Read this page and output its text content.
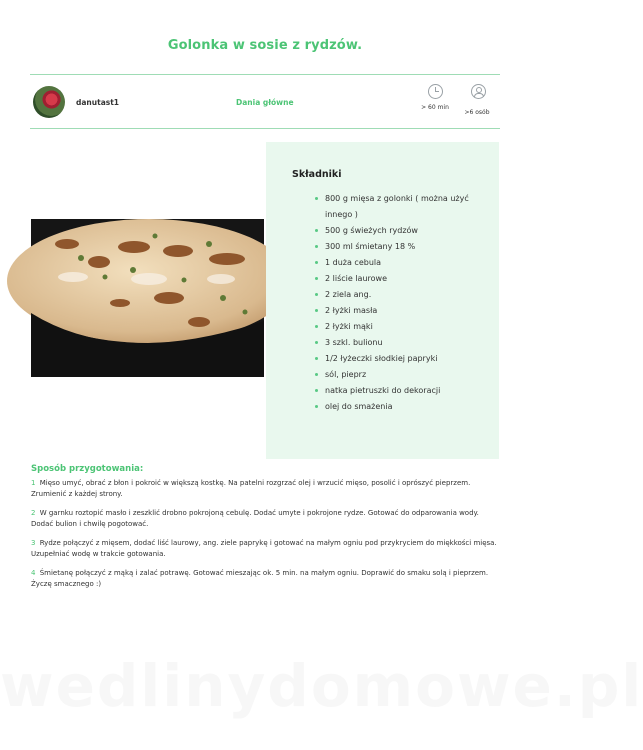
Golonka w sosie z rydzów.
danutast1	Dania główne
> 60 min
>6 osób
Składniki
800 g mięsa z golonki ( można użyć innego )
500 g świeżych rydzów
300 ml śmietany 18 %
1 duża cebula
2 liście laurowe
2 ziela ang.
2 łyżki masła
2 łyżki mąki
3 szkl. bulionu
1/2 łyżeczki słodkiej papryki
sól, pieprz
natka pietruszki do dekoracji
olej do smażenia
Sposób przygotowania:
1 Mięso umyć, obrać z błon i pokroić w większą kostkę. Na patelni rozgrzać olej i wrzucić mięso, posolić i oprószyć pieprzem. Zrumienić z każdej strony.
2 W garnku roztopić masło i zeszklić drobno pokrojoną cebulę. Dodać umyte i pokrojone rydze. Gotować do odparowania wody. Dodać bulion i chwilę pogotować.
3 Rydze połączyć z mięsem, dodać liść laurowy, ang. ziele paprykę i gotować na małym ogniu pod przykryciem do miękkości mięsa. Uzupełniać wodę w trakcie gotowania.
4 Śmietanę połączyć z mąką i zalać potrawę. Gotować mieszając ok. 5 min. na małym ogniu. Doprawić do smaku solą i pieprzem. Życzę smacznego :)
wedlinydomowe.pl
